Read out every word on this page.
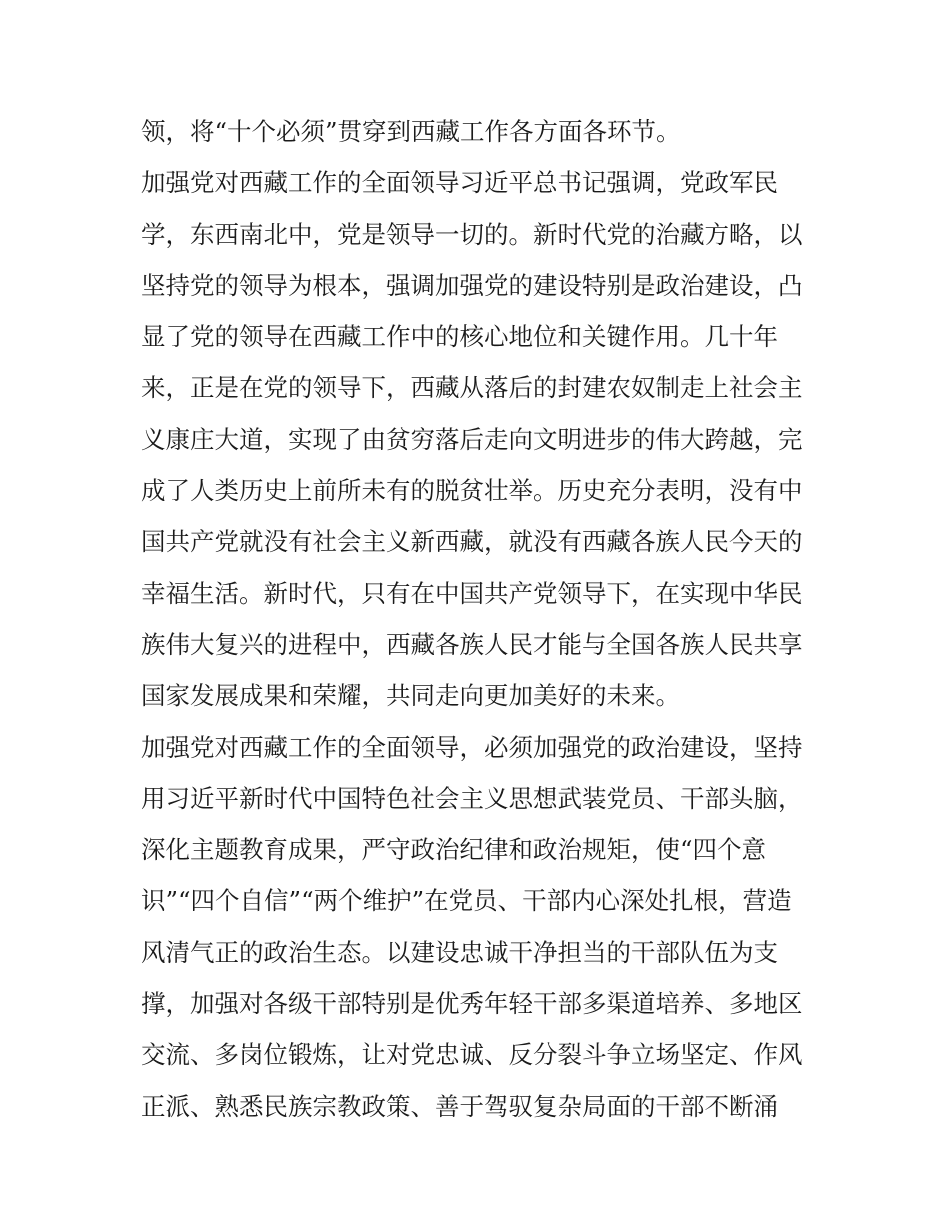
领，将“十个必须”贯穿到西藏工作各方面各环节。
加强党对西藏工作的全面领导习近平总书记强调，党政军民
学，东西南北中，党是领导一切的。新时代党的治藏方略，以
坚持党的领导为根本，强调加强党的建设特别是政治建设，凸
显了党的领导在西藏工作中的核心地位和关键作用。几十年
来，正是在党的领导下，西藏从落后的封建农奴制走上社会主
义康庄大道，实现了由贫穷落后走向文明进步的伟大跨越，完
成了人类历史上前所未有的脱贫壮举。历史充分表明，没有中
国共产党就没有社会主义新西藏，就没有西藏各族人民今天的
幸福生活。新时代，只有在中国共产党领导下，在实现中华民
族伟大复兴的进程中，西藏各族人民才能与全国各族人民共享
国家发展成果和荣耀，共同走向更加美好的未来。
加强党对西藏工作的全面领导，必须加强党的政治建设，坚持
用习近平新时代中国特色社会主义思想武装党员、干部头脑，
深化主题教育成果，严守政治纪律和政治规矩，使“四个意
识”“四个自信”“两个维护”在党员、干部内心深处扎根，营造
风清气正的政治生态。以建设忠诚干净担当的干部队伍为支
撑，加强对各级干部特别是优秀年轻干部多渠道培养、多地区
交流、多岗位锻炼，让对党忠诚、反分裂斗争立场坚定、作风
正派、熟悉民族宗教政策、善于驾驭复杂局面的干部不断涌
